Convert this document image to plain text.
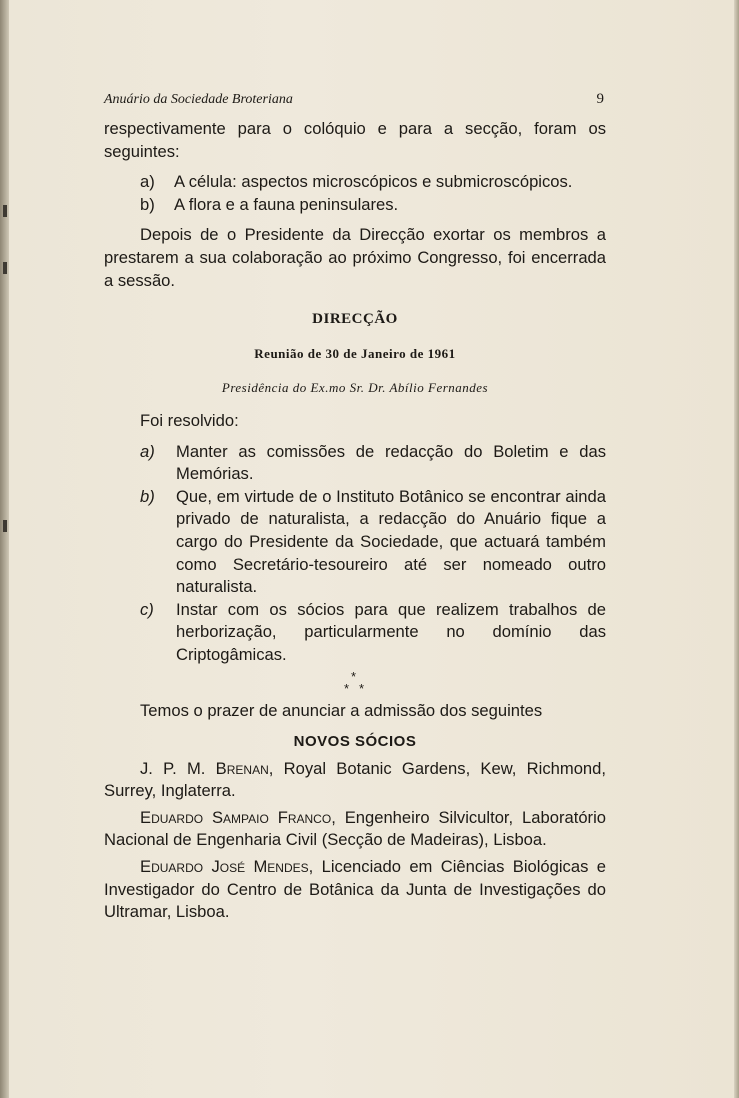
Anuário da Sociedade Broteriana	9

respectivamente para o colóquio e para a secção, foram os seguintes:

a) A célula: aspectos microscópicos e submicroscópicos.
b) A flora e a fauna peninsulares.

Depois de o Presidente da Direcção exortar os membros a prestarem a sua colaboração ao próximo Congresso, foi encerrada a sessão.

DIRECÇÃO
Reunião de 30 de Janeiro de 1961
Presidência do Ex.mo Sr. Dr. Abílio Fernandes

Foi resolvido:

a)	Manter as comissões de redacção do Boletim e das Memórias.
b)	Que, em virtude de o Instituto Botânico se encontrar ainda privado de naturalista, a redacção do Anuário fique a cargo do Presidente da Sociedade, que actuará também como Secretário-tesoureiro até ser nomeado outro naturalista.
c)	Instar com os sócios para que realizem trabalhos de herborização, particularmente no domínio das Criptogâmicas.
*
* *

Temos o prazer de anunciar a admissão dos seguintes

NOVOS SÓCIOS

J. P. M. Brenan, Royal Botanic Gardens, Kew, Richmond, Surrey, Inglaterra.

Eduardo Sampaio Franco, Engenheiro Silvicultor, Laboratório Nacional de Engenharia Civil (Secção de Madeiras), Lisboa.

Eduardo José Mendes, Licenciado em Ciências Biológicas e Investigador do Centro de Botânica da Junta de Investigações do Ultramar, Lisboa.
